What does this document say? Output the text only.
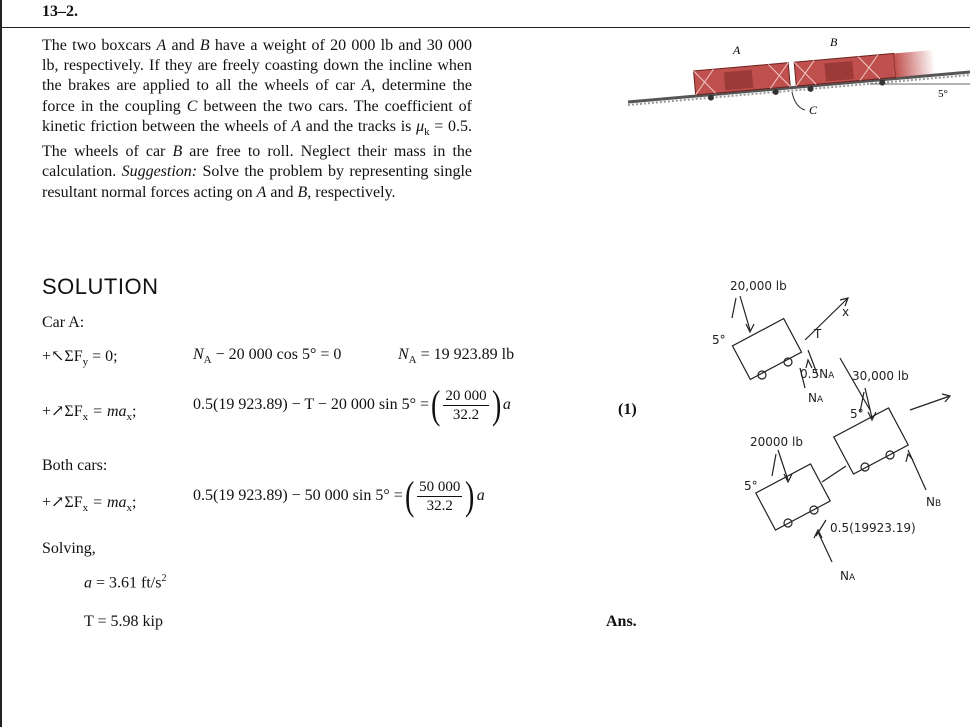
13–2.
The two boxcars A and B have a weight of 20 000 lb and 30 000 lb, respectively. If they are freely coasting down the incline when the brakes are applied to all the wheels of car A, determine the force in the coupling C between the two cars. The coefficient of kinetic friction between the wheels of A and the tracks is $\mu_k = 0.5$. The wheels of car B are free to roll. Neglect their mass in the calculation. Suggestion: Solve the problem by representing single resultant normal forces acting on A and B, respectively.
A
B
C
5°
SOLUTION
Car A:
$+↖\Sigma F_y = 0$;	$N_A - 20$ 000 cos 5° = 0	$N_A = 19$ 923.89 lb
$+↗\Sigma F_x = ma_x$;	0.5(19 923.89) − T − 20 000 sin 5° =( $\frac{20 000}{32.2}$ ) a	(1)
Both cars:
$+↗\Sigma F_x = ma_x$;	0.5(19 923.89) − 50 000 sin 5° =( $\frac{50 000}{32.2}$ ) a
Solving,
a = 3.61 $ft/s^2$
T = 5.98 kip	Ans.
20,000 lb
5°	T
x
0.5NA 30,000 lb
NA
5°
20000 lb
5°
NB
0.5(19923.19)
NA
